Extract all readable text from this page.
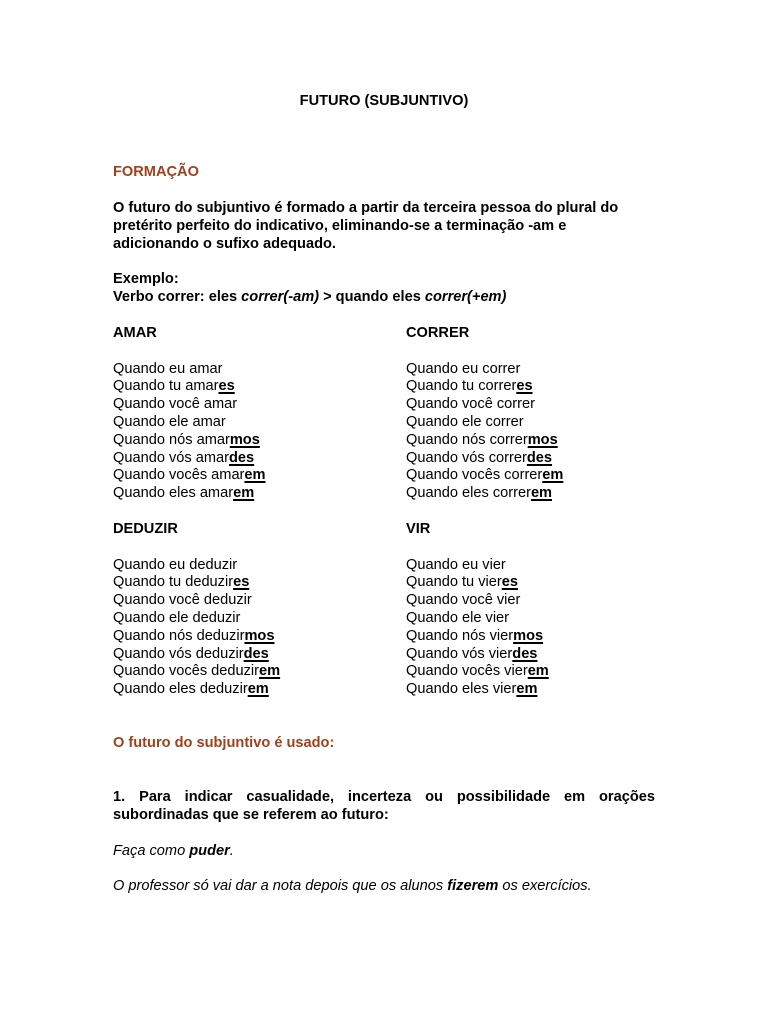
FUTURO (SUBJUNTIVO)
FORMAÇÃO
O futuro do subjuntivo é formado a partir da terceira pessoa do plural do pretérito perfeito do indicativo, eliminando-se a terminação -am e adicionando o sufixo adequado.
Exemplo:
Verbo correr: eles correr(-am) > quando eles correr(+em)
AMAR
Quando eu amar
Quando tu amares
Quando você amar
Quando ele amar
Quando nós amarmos
Quando vós amardes
Quando vocês amarem
Quando eles amarem
CORRER
Quando eu correr
Quando tu correres
Quando você correr
Quando ele correr
Quando nós corrermos
Quando vós correrdes
Quando vocês correrem
Quando eles correrem
DEDUZIR
Quando eu deduzir
Quando tu deduzires
Quando você deduzir
Quando ele deduzir
Quando nós deduzirmos
Quando vós deduzirdes
Quando vocês deduzirem
Quando eles deduzirem
VIR
Quando eu vier
Quando tu vieres
Quando você vier
Quando ele vier
Quando nós viermos
Quando vós vierdes
Quando vocês vierem
Quando eles vierem
O futuro do subjuntivo é usado:
1. Para indicar casualidade, incerteza ou possibilidade em orações subordinadas que se referem ao futuro:
Faça como puder.
O professor só vai dar a nota depois que os alunos fizerem os exercícios.
